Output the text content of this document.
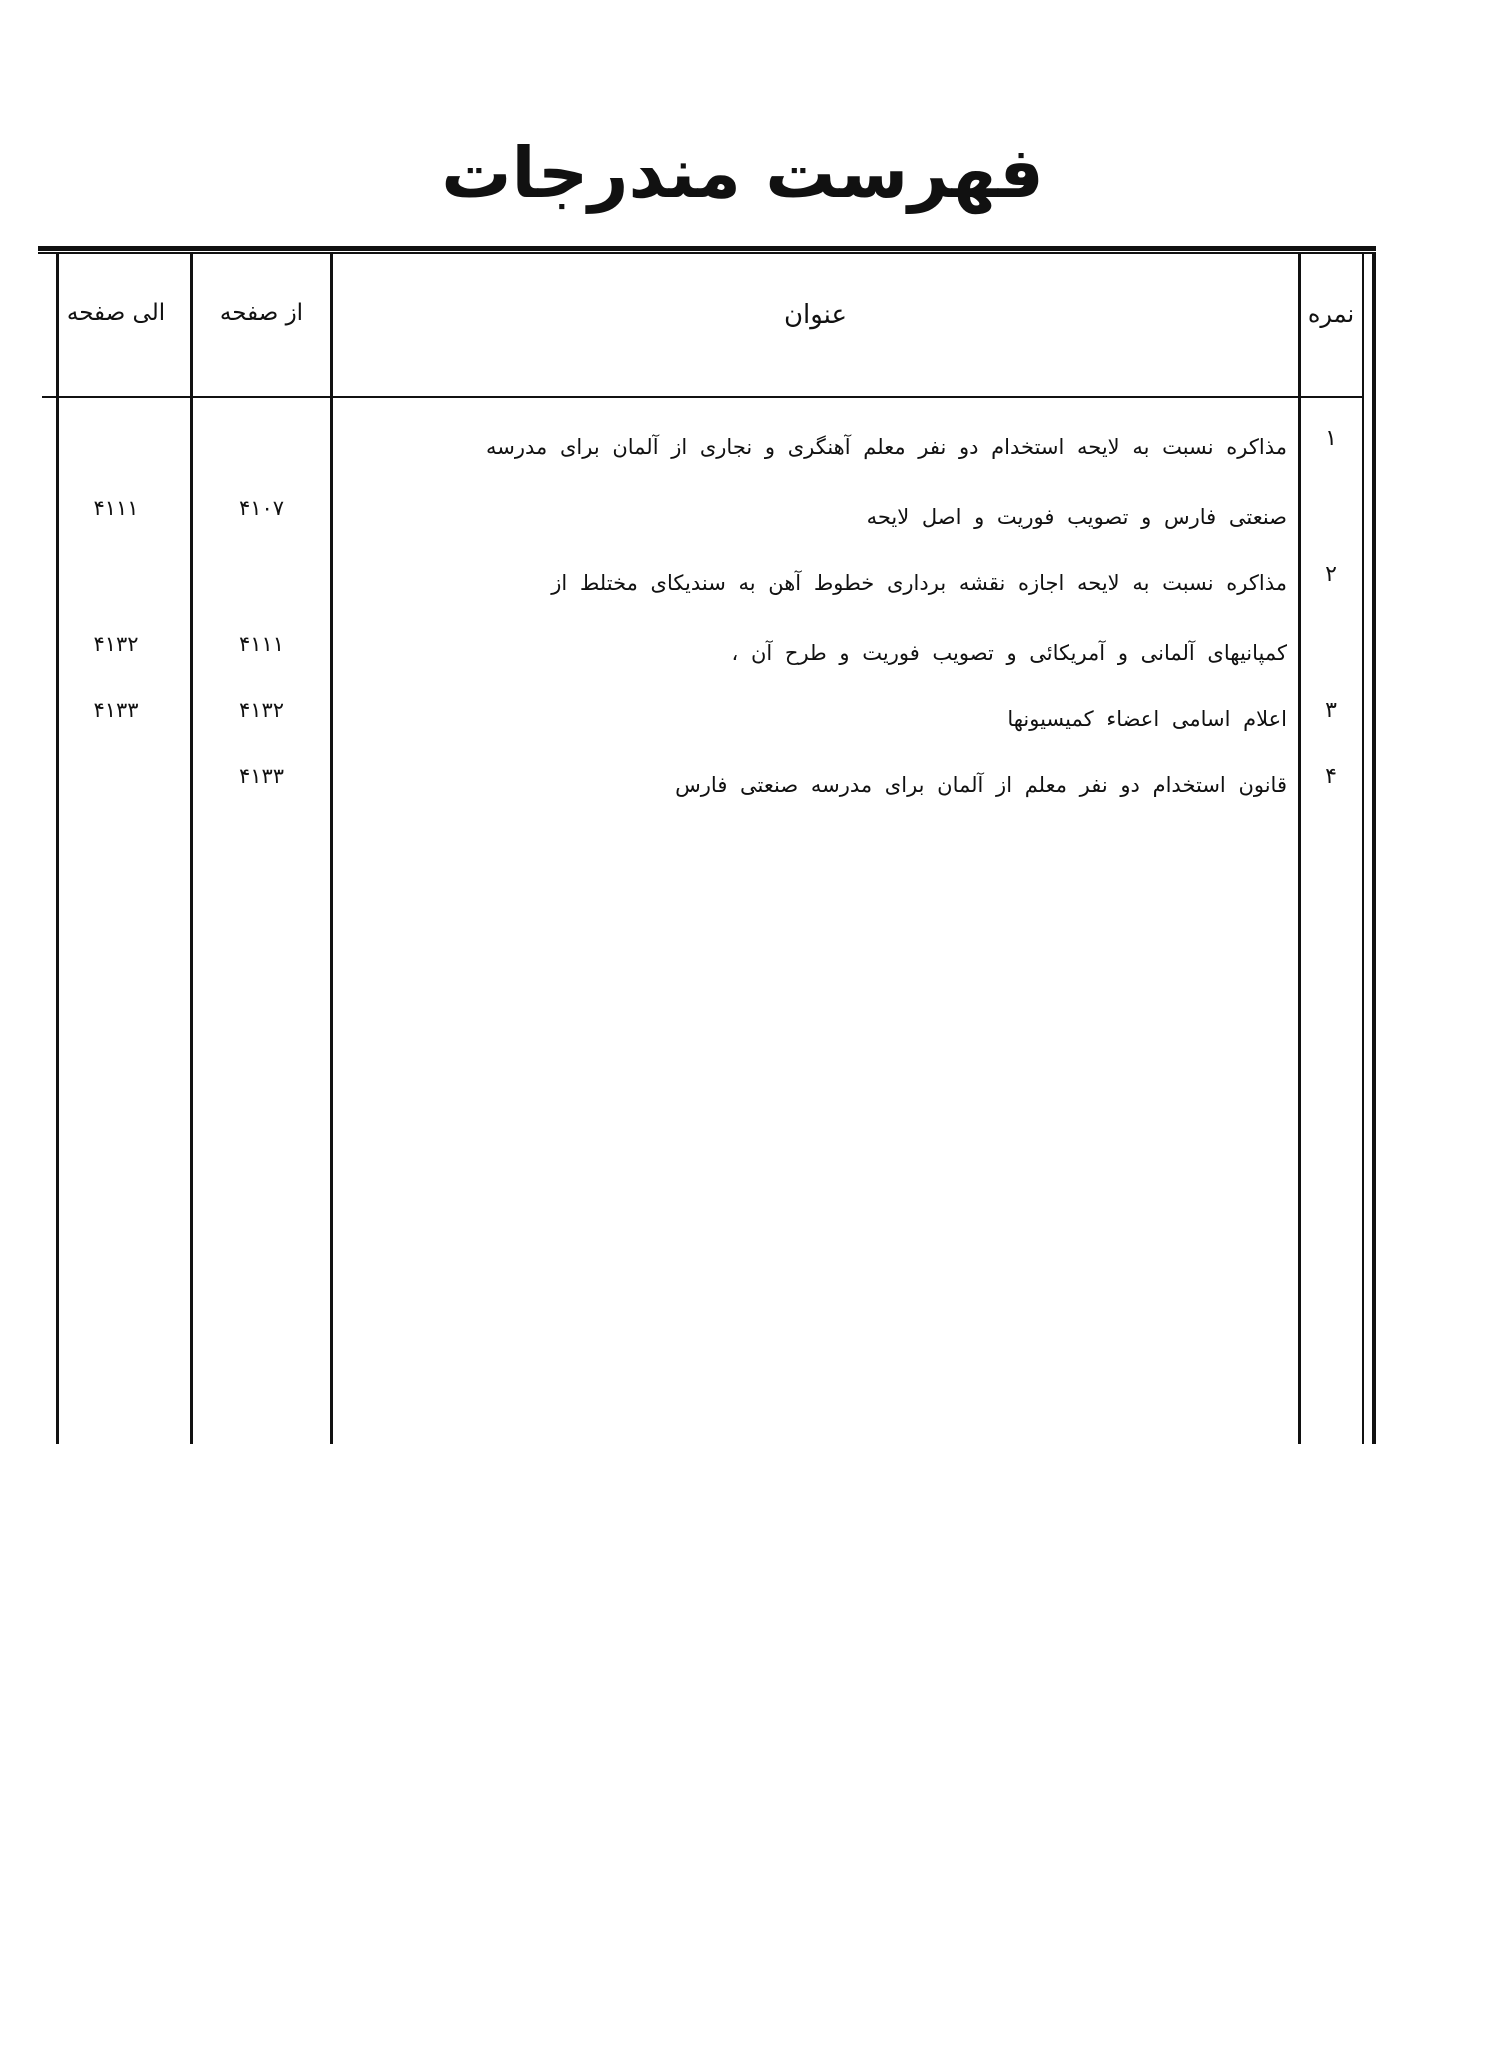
فهرست مندرجات
نمره
عنوان
از صفحه
الی صفحه
۱
مذاکره نسبت به لایحه استخدام دو نفر معلم آهنگری و نجاری از آلمان برای مدرسه
صنعتی فارس و تصویب فوریت و اصل لایحه
۴۱۰۷
۴۱۱۱
۲
مذاکره نسبت به لایحه اجازه نقشه برداری خطوط آهن به سندیکای مختلط از
کمپانیهای آلمانی و آمریکائی و تصویب فوریت و طرح آن ،
۴۱۱۱
۴۱۳۲
۳
اعلام اسامی اعضاء کمیسیونها
۴۱۳۲
۴۱۳۳
۴
قانون استخدام دو نفر معلم از آلمان برای مدرسه صنعتی فارس
۴۱۳۳
